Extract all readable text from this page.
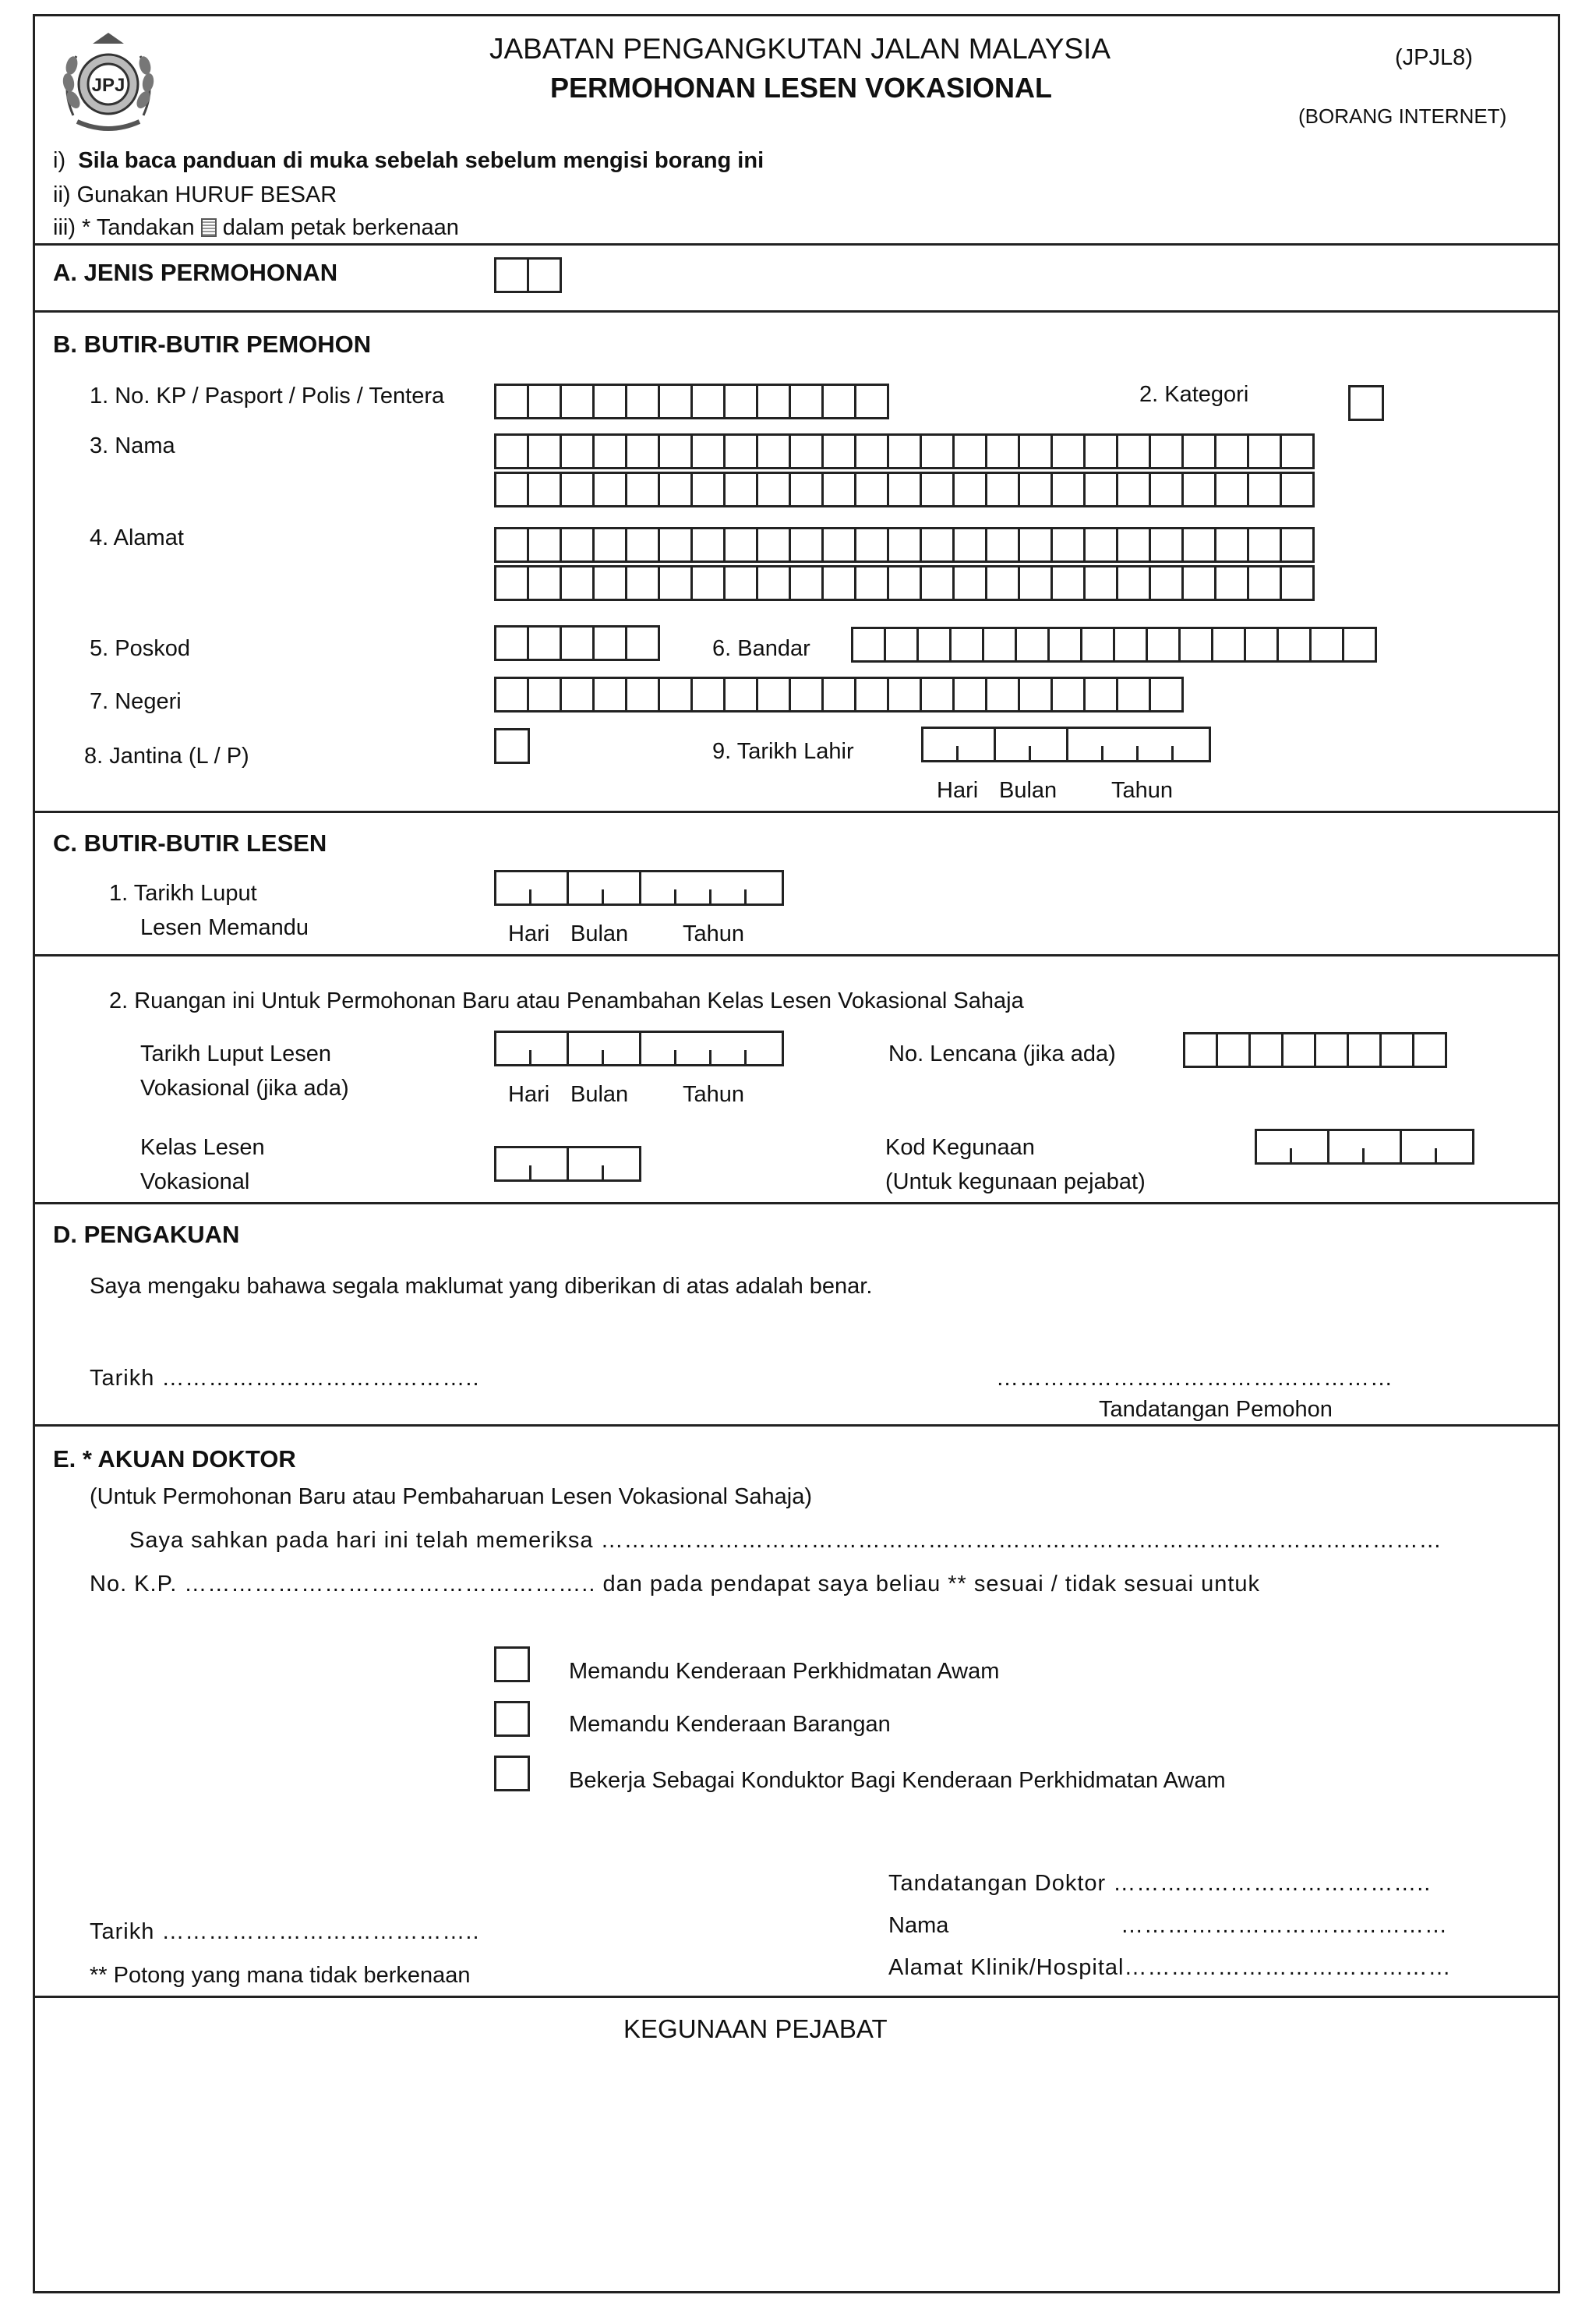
JPJ
JABATAN PENGANGKUTAN JALAN MALAYSIA
PERMOHONAN LESEN VOKASIONAL
(JPJL8)
(BORANG INTERNET)
i) Sila baca panduan di muka sebelah sebelum mengisi borang ini
ii) Gunakan HURUF BESAR
iii) * Tandakan dalam petak berkenaan
A. JENIS PERMOHONAN
B. BUTIR-BUTIR PEMOHON
1. No. KP / Pasport / Polis / Tentera	2. Kategori
3. Nama
4. Alamat
5. Poskod	6. Bandar
7. Negeri
8. Jantina (L / P)	9. Tarikh Lahir
Hari Bulan Tahun
C. BUTIR-BUTIR LESEN
1. Tarikh Luput
Lesen Memandu	Hari Bulan Tahun
2. Ruangan ini Untuk Permohonan Baru atau Penambahan Kelas Lesen Vokasional Sahaja
Tarikh Luput Lesen
Vokasional (jika ada)	Hari Bulan Tahun
No. Lencana (jika ada)
Kelas Lesen
Vokasional
Kod Kegunaan
(Untuk kegunaan pejabat)
D. PENGAKUAN
Saya mengaku bahawa segala maklumat yang diberikan di atas adalah benar.
Tarikh …………………………………..	……………………………………………
Tandatangan Pemohon
E. * AKUAN DOKTOR
(Untuk Permohonan Baru atau Pembaharuan Lesen Vokasional Sahaja)
Saya sahkan pada hari ini telah memeriksa ………………………………………………………………………………………………
No. K.P. …………………………………………….. dan pada pendapat saya beliau ** sesuai / tidak sesuai untuk
Memandu Kenderaan Perkhidmatan Awam
Memandu Kenderaan Barangan
Bekerja Sebagai Konduktor Bagi Kenderaan Perkhidmatan Awam
Tandatangan Doktor …………………………………..
Nama	……………………………………
Alamat Klinik/Hospital……………………………………
Tarikh …………………………………..
** Potong yang mana tidak berkenaan
KEGUNAAN PEJABAT
